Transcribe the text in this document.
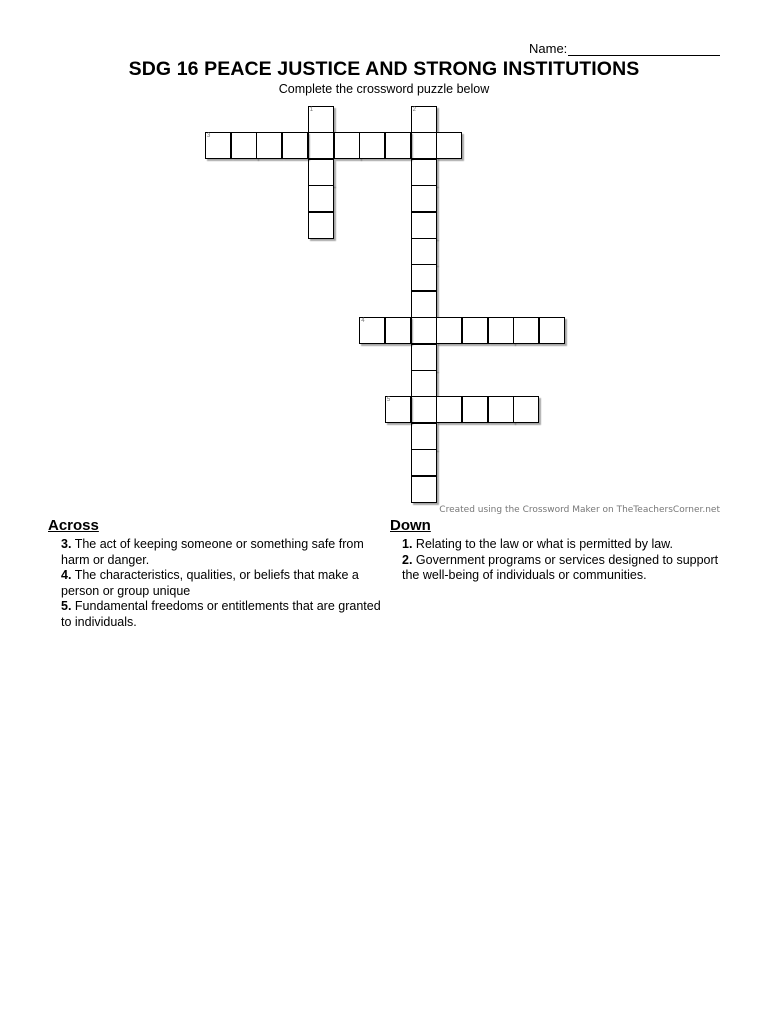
Name:
SDG 16 PEACE JUSTICE AND STRONG INSTITUTIONS
Complete the crossword puzzle below
1	2
3
4
5
Created using the Crossword Maker on TheTeachersCorner.net
Across
3. The act of keeping someone or something safe from harm or danger.
4. The characteristics, qualities, or beliefs that make a person or group unique
5. Fundamental freedoms or entitlements that are granted to individuals.
Down
1. Relating to the law or what is permitted by law.
2. Government programs or services designed to support the well-being of individuals or communities.
